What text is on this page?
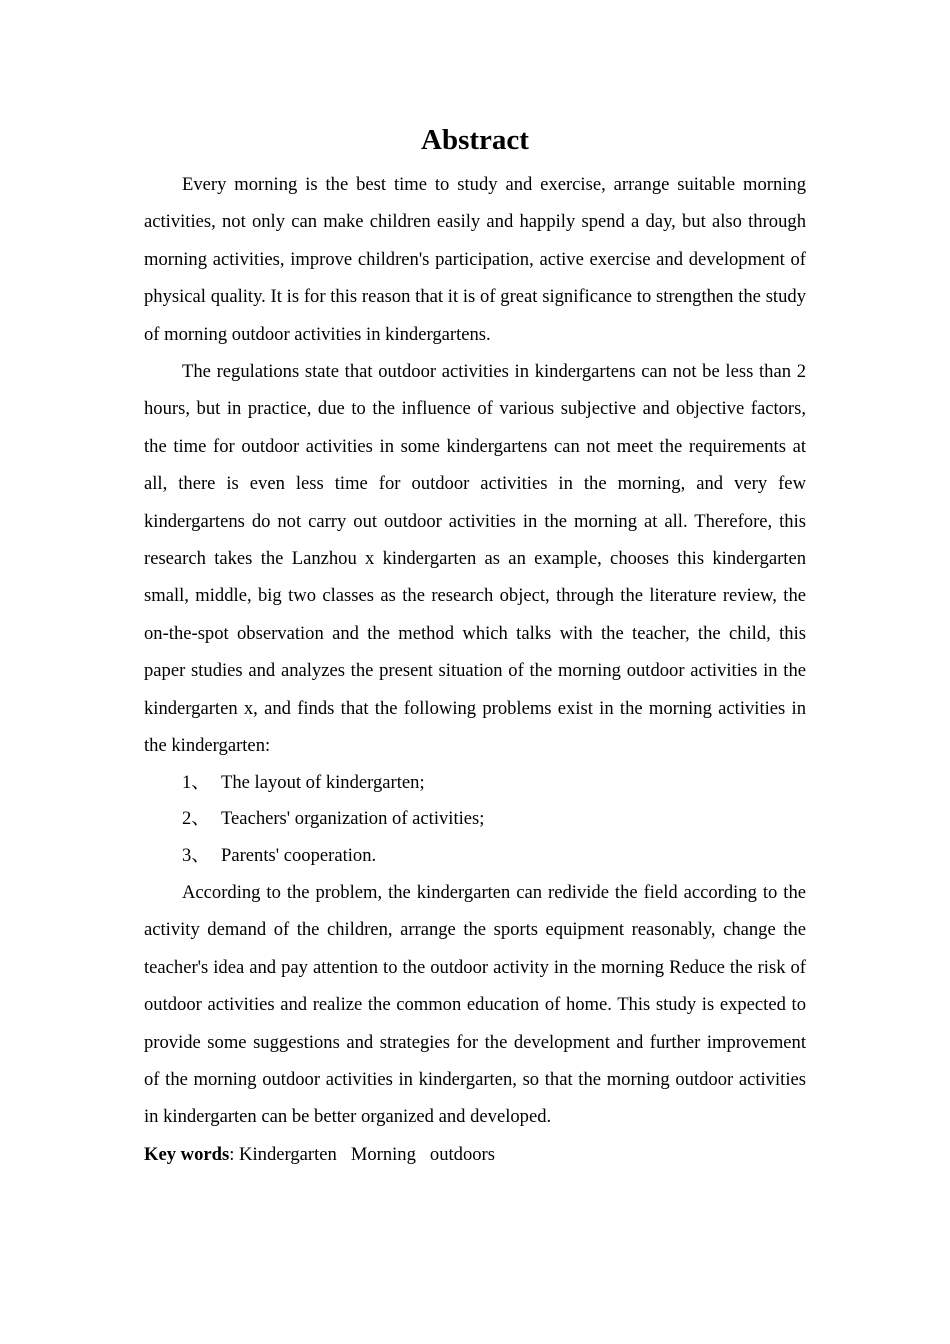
Abstract

Every morning is the best time to study and exercise, arrange suitable morning activities, not only can make children easily and happily spend a day, but also through morning activities, improve children's participation, active exercise and development of physical quality. It is for this reason that it is of great significance to strengthen the study of morning outdoor activities in kindergartens.

The regulations state that outdoor activities in kindergartens can not be less than 2 hours, but in practice, due to the influence of various subjective and objective factors, the time for outdoor activities in some kindergartens can not meet the requirements at all, there is even less time for outdoor activities in the morning, and very few kindergartens do not carry out outdoor activities in the morning at all. Therefore, this research takes the Lanzhou x kindergarten as an example, chooses this kindergarten small, middle, big two classes as the research object, through the literature review, the on-the-spot observation and the method which talks with the teacher, the child, this paper studies and analyzes the present situation of the morning outdoor activities in the kindergarten x, and finds that the following problems exist in the morning activities in the kindergarten:

1、 The layout of kindergarten;

2、 Teachers' organization of activities;

3、 Parents' cooperation.

According to the problem, the kindergarten can redivide the field according to the activity demand of the children, arrange the sports equipment reasonably, change the teacher's idea and pay attention to the outdoor activity in the morning Reduce the risk of outdoor activities and realize the common education of home. This study is expected to provide some suggestions and strategies for the development and further improvement of the morning outdoor activities in kindergarten, so that the morning outdoor activities in kindergarten can be better organized and developed.

Key words: Kindergarten Morning outdoors
